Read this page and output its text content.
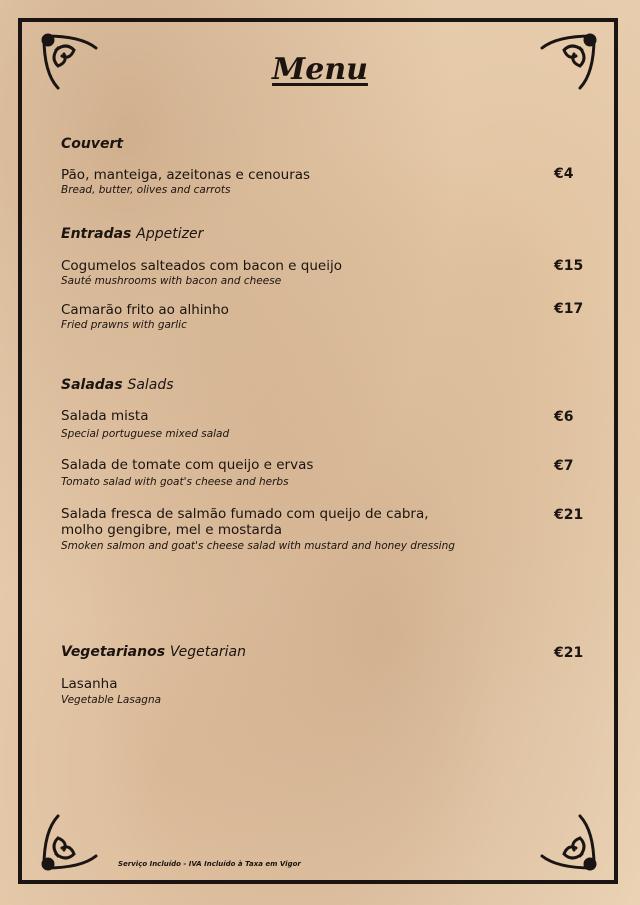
Menu
Couvert
Pão, manteiga, azeitonas e cenouras
Bread, butter, olives and carrots
€4
Entradas Appetizer
Cogumelos salteados com bacon e queijo
Sauté mushrooms with bacon and cheese
€15
Camarão frito ao alhinho
Fried prawns with garlic
€17
Saladas Salads
Salada mista
Special portuguese mixed salad
€6
Salada de tomate com queijo e ervas
Tomato salad with goat's cheese and herbs
€7
Salada fresca de salmão fumado com queijo de cabra,
molho gengibre, mel e mostarda
Smoken salmon and goat's cheese salad with mustard and honey dressing
€21
Vegetarianos Vegetarian	€21
Lasanha
Vegetable Lasagna
Serviço Incluído - IVA Incluído à Taxa em Vigor
